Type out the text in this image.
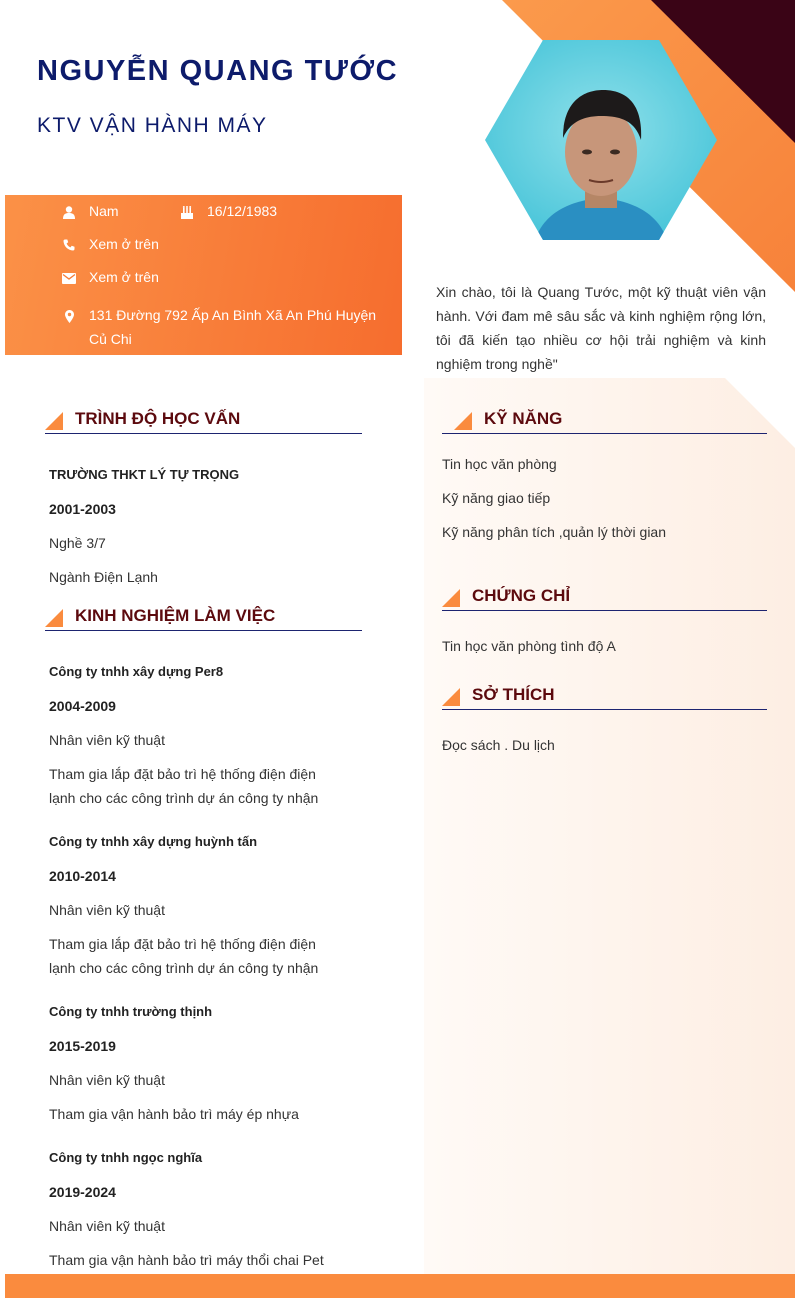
NGUYỄN QUANG TƯỚC
KTV VẬN HÀNH MÁY
Nam	16/12/1983
Xem ở trên
Xem ở trên
131 Đường 792 Ấp An Bình Xã An Phú Huyện Củ Chi
Xin chào, tôi là Quang Tước, một kỹ thuật viên vận hành. Với đam mê sâu sắc và kinh nghiệm rộng lớn, tôi đã kiến tạo nhiều cơ hội trải nghiệm và kinh nghiệm trong nghề"
TRÌNH ĐỘ HỌC VẤN
TRƯỜNG THKT LÝ TỰ TRỌNG
2001-2003
Nghề 3/7
Ngành Điện Lạnh
KINH NGHIỆM LÀM VIỆC
Công ty tnhh xây dựng Per8
2004-2009
Nhân viên kỹ thuật
Tham gia lắp đặt bảo trì hệ thống điện điện lạnh cho các công trình dự án công ty nhận
Công ty tnhh xây dựng huỳnh tấn
2010-2014
Nhân viên kỹ thuật
Tham gia lắp đặt bảo trì hệ thống điện điện lạnh cho các công trình dự án công ty nhận
Công ty tnhh trường thịnh
2015-2019
Nhân viên kỹ thuật
Tham gia vận hành bảo trì máy ép nhựa
Công ty tnhh ngọc nghĩa
2019-2024
Nhân viên kỹ thuật
Tham gia vận hành bảo trì máy thổi chai Pet
KỸ NĂNG
Tin học văn phòng
Kỹ năng giao tiếp
Kỹ năng phân tích ,quản lý thời gian
CHỨNG CHỈ
Tin học văn phòng tình độ A
SỞ THÍCH
Đọc sách . Du lịch
